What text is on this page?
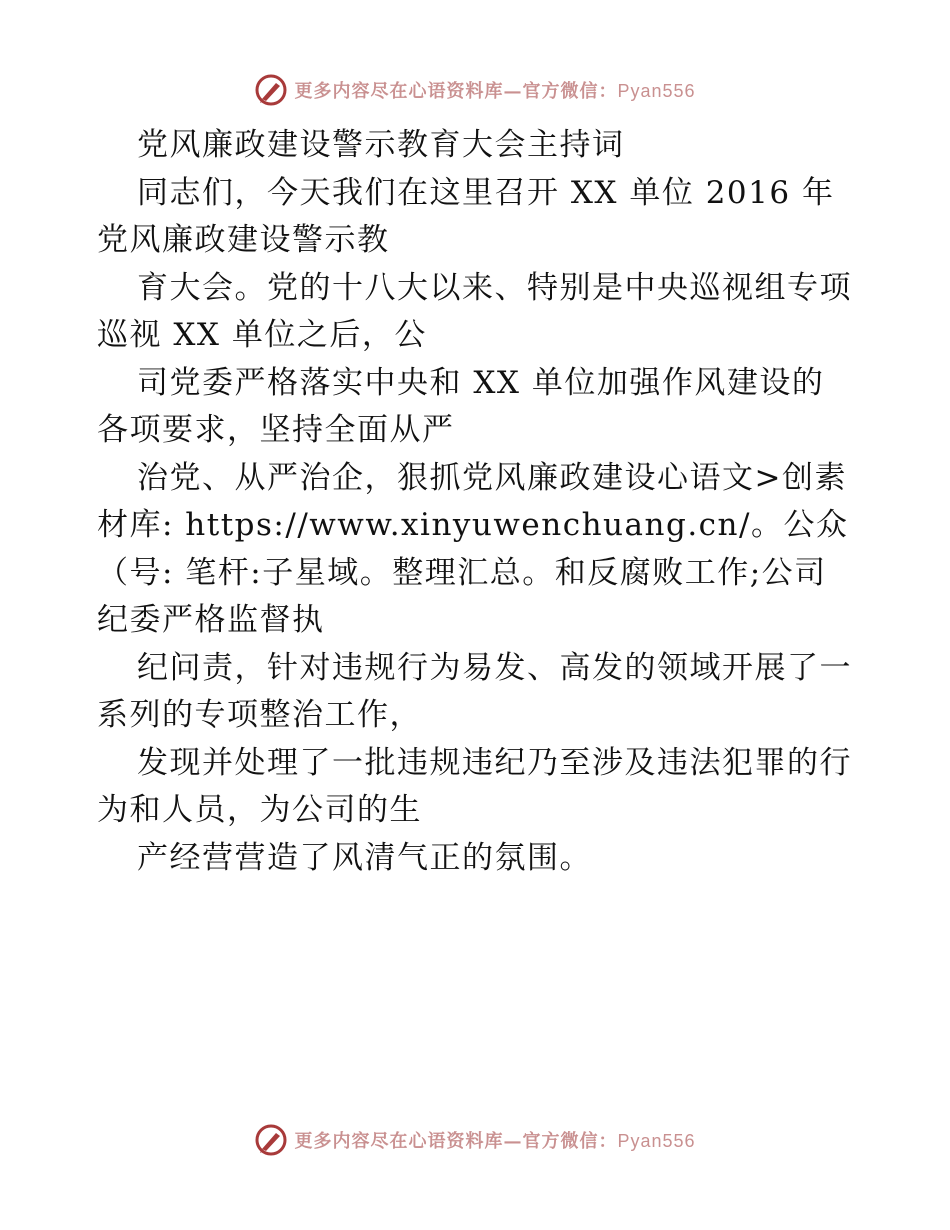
更多内容尽在心语资料库—官方微信：Pyan556

党风廉政建设警示教育大会主持词

同志们，今天我们在这里召开 XX 单位 2016 年党风廉政建设警示教

育大会。党的十八大以来、特别是中央巡视组专项巡视 XX 单位之后，公

司党委严格落实中央和 XX 单位加强作风建设的各项要求，坚持全面从严

治党、从严治企，狠抓党风廉政建设心语文>创素材库: https://www.xinyuwenchuang.cn/。公众（号: 笔杆:子星域。整理汇总。和反腐败工作;公司纪委严格监督执

纪问责，针对违规行为易发、高发的领域开展了一系列的专项整治工作，

发现并处理了一批违规违纪乃至涉及违法犯罪的行为和人员，为公司的生

产经营营造了风清气正的氛围。

更多内容尽在心语资料库—官方微信：Pyan556
